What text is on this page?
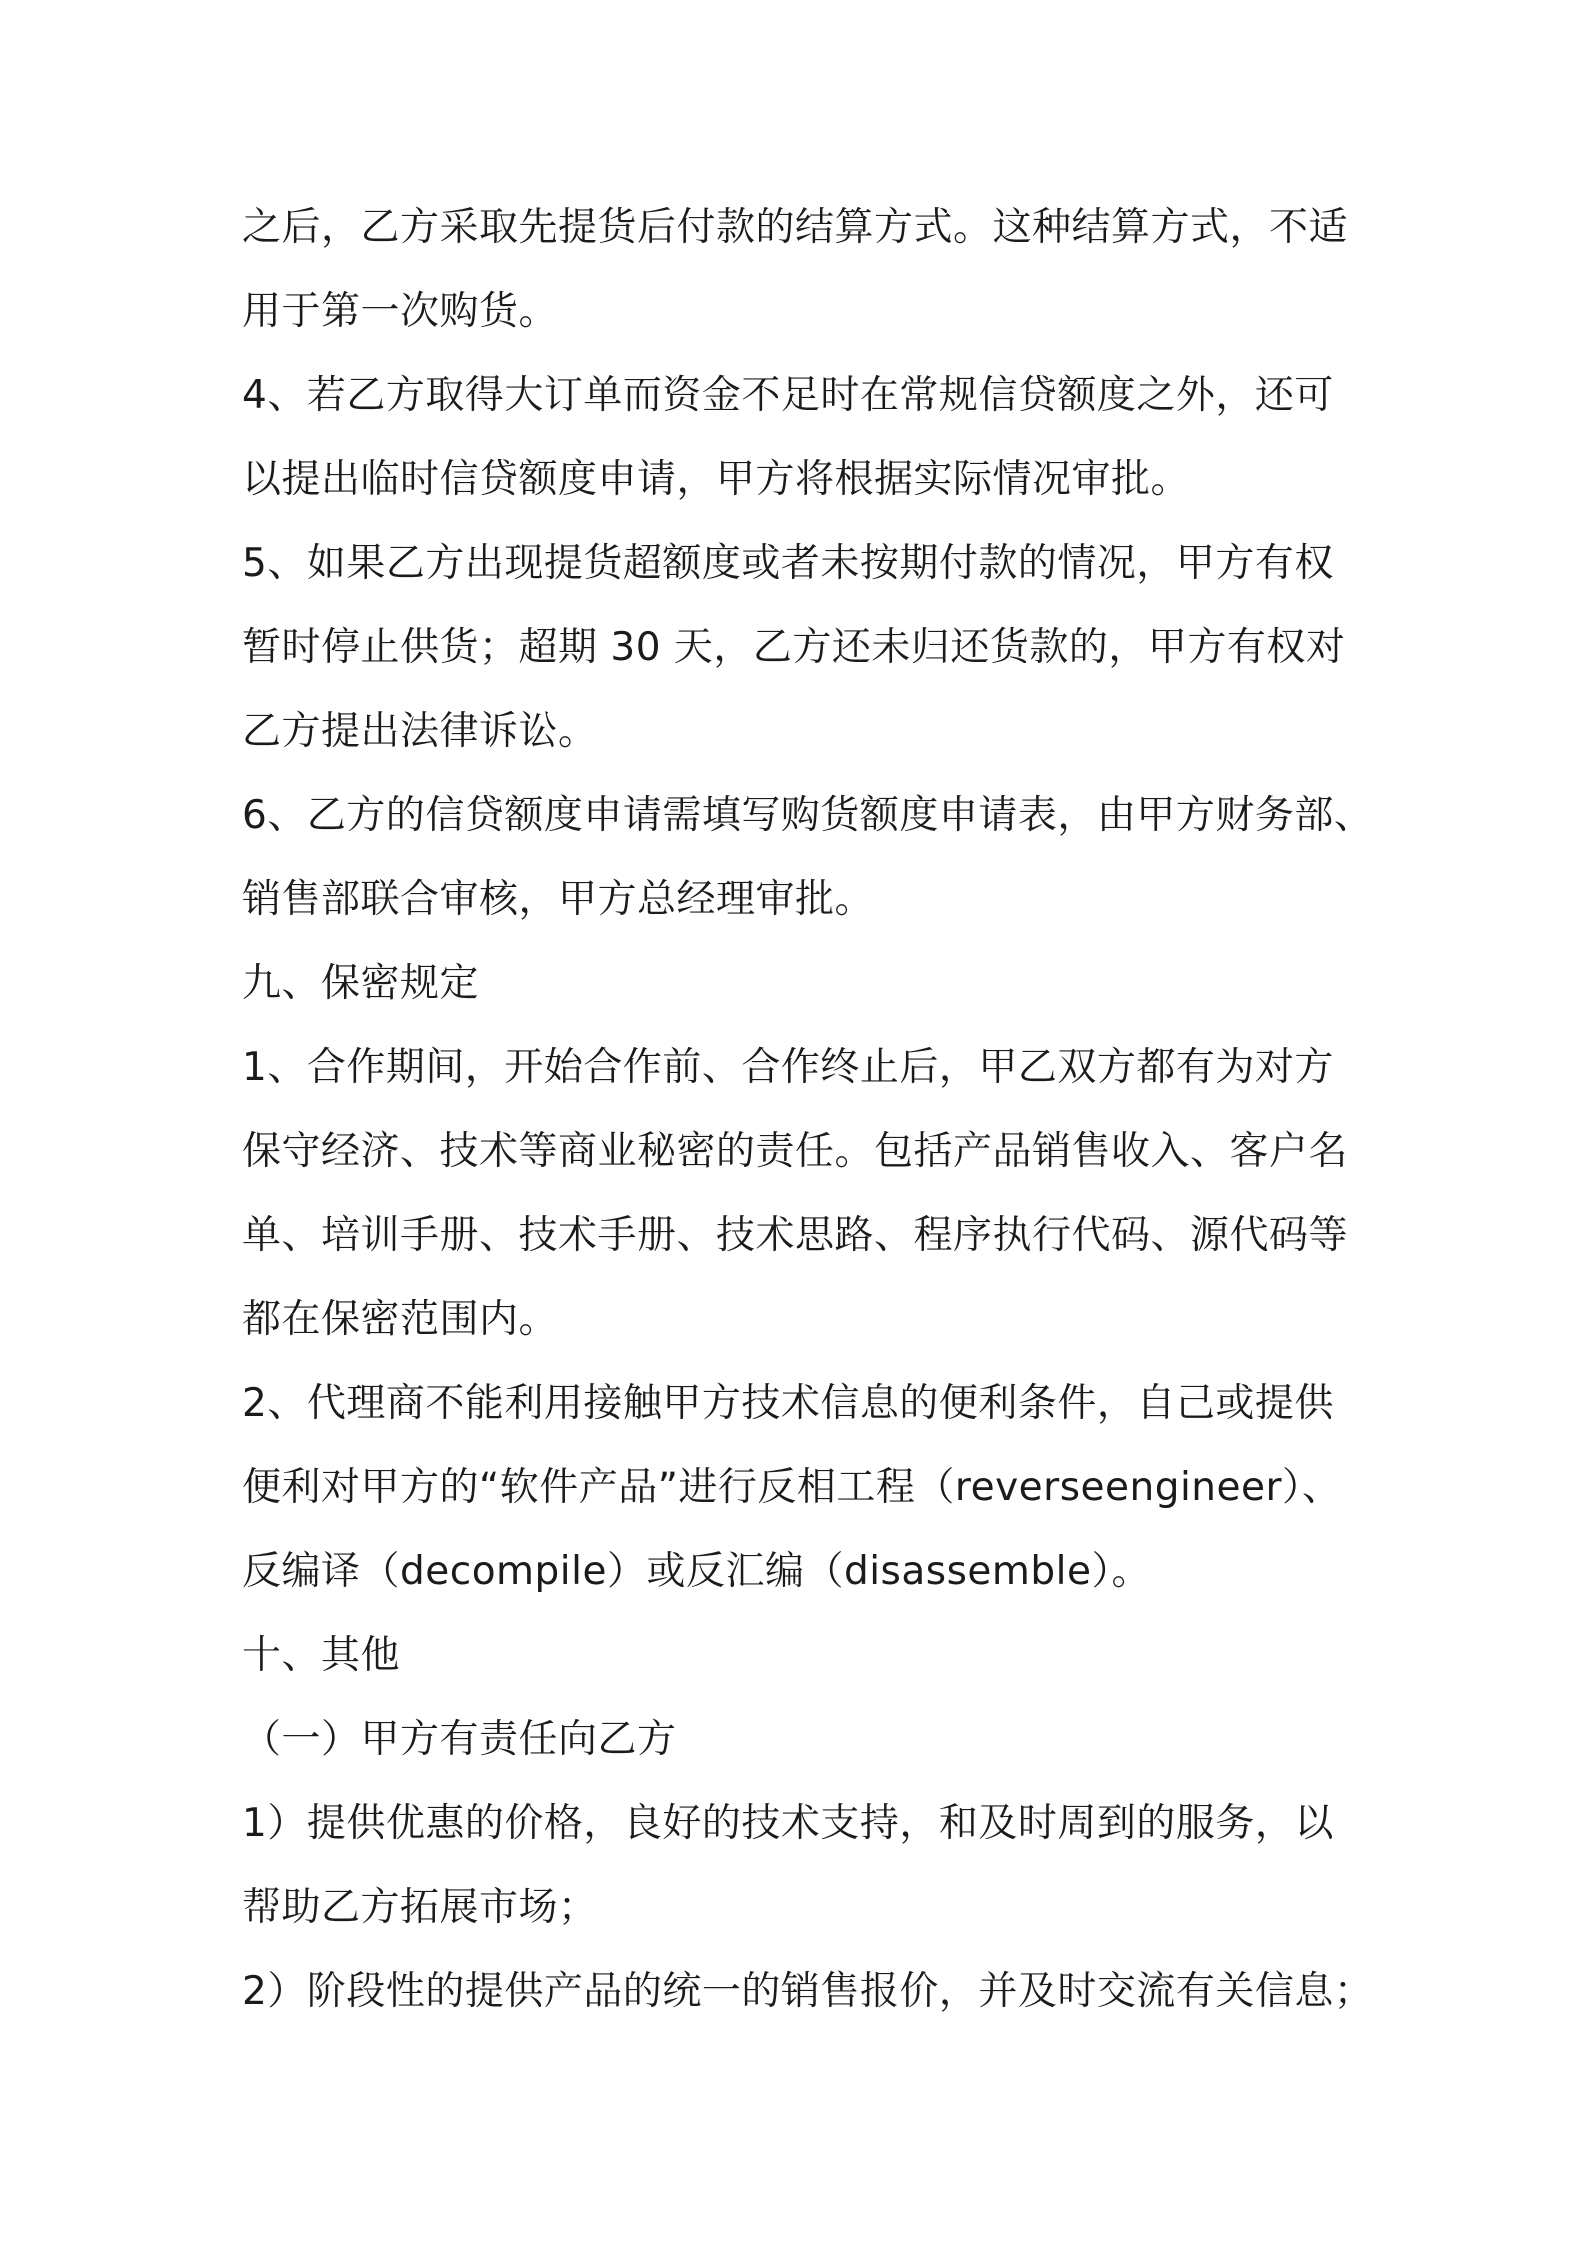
之后，乙方采取先提货后付款的结算方式。这种结算方式，不适

用于第一次购货。

4、若乙方取得大订单而资金不足时在常规信贷额度之外，还可

以提出临时信贷额度申请，甲方将根据实际情况审批。

5、如果乙方出现提货超额度或者未按期付款的情况，甲方有权

暂时停止供货；超期 30 天，乙方还未归还货款的，甲方有权对

乙方提出法律诉讼。

6、乙方的信贷额度申请需填写购货额度申请表，由甲方财务部、

销售部联合审核，甲方总经理审批。

九、保密规定

1、合作期间，开始合作前、合作终止后，甲乙双方都有为对方

保守经济、技术等商业秘密的责任。包括产品销售收入、客户名

单、培训手册、技术手册、技术思路、程序执行代码、源代码等

都在保密范围内。

2、代理商不能利用接触甲方技术信息的便利条件，自己或提供

便利对甲方的“软件产品”进行反相工程（reverseengineer）、

反编译（decompile）或反汇编（disassemble）。

十、其他

（一）甲方有责任向乙方

1）提供优惠的价格，良好的技术支持，和及时周到的服务，以

帮助乙方拓展市场；

2）阶段性的提供产品的统一的销售报价，并及时交流有关信息；
